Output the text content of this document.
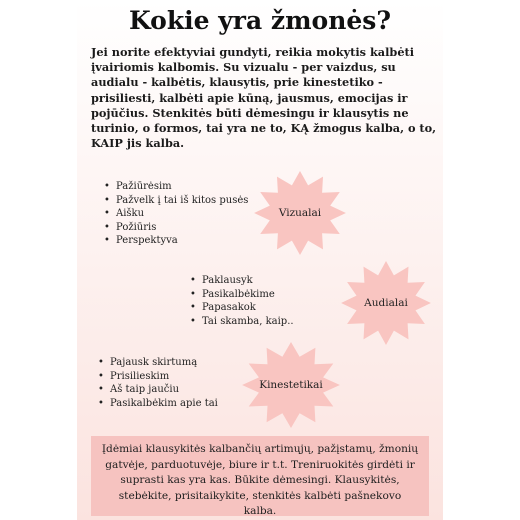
Kokie yra žmonės?

Jei norite efektyviai gundyti, reikia mokytis kalbėti įvairiomis kalbomis. Su vizualu - per vaizdus, su audialu - kalbėtis, klausytis, prie kinestetiko - prisiliesti, kalbėti apie kūną, jausmus, emocijas ir pojūčius. Stenkitės būti dėmesingu ir klausytis ne turinio, o formos, tai yra ne to, KĄ žmogus kalba, o to, KAIP jis kalba.

• Pažiūrėsim
• Pažvelk į tai iš kitos pusės
• Aišku
• Požiūris
• Perspektyva
Vizualai
• Paklausyk
• Pasikalbėkime
• Papasakok
• Tai skamba, kaip..
Audialai
• Pajausk skirtumą
• Prisilieskim
• Aš taip jaučiu
• Pasikalbėkim apie tai
Kinestetikai
Įdėmiai klausykitės kalbančių artimųjų, pažįstamų, žmonių gatvėje, parduotuvėje, biure ir t.t. Treniruokitės girdėti ir suprasti kas yra kas. Būkite dėmesingi. Klausykitės, stebėkite, prisitaikykite, stenkitės kalbėti pašnekovo kalba.
